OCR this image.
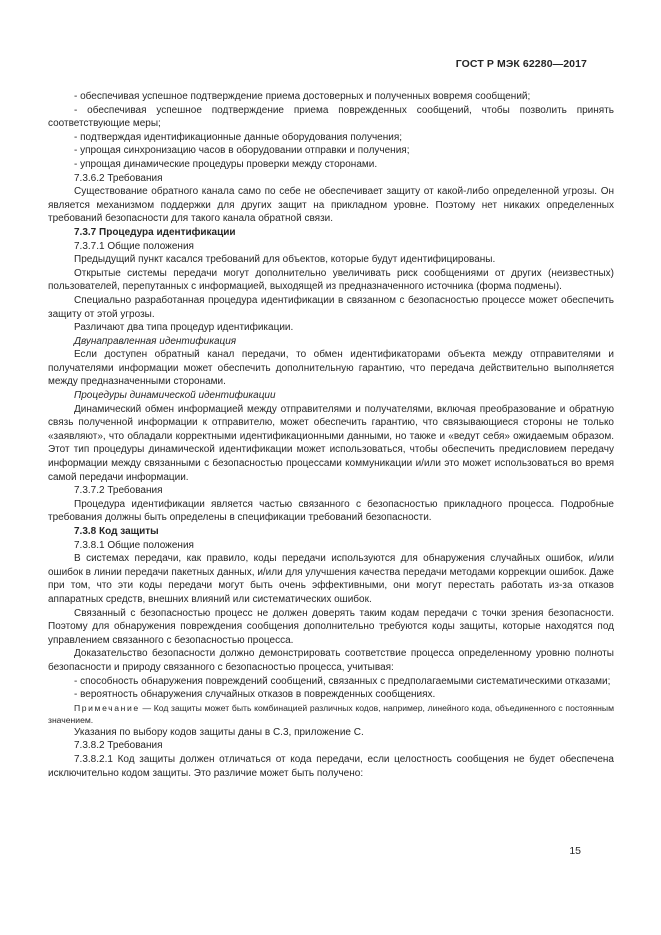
ГОСТ Р МЭК 62280—2017

- обеспечивая успешное подтверждение приема достоверных и полученных вовремя сообщений;

- обеспечивая успешное подтверждение приема поврежденных сообщений, чтобы позволить принять соответствующие меры;

- подтверждая идентификационные данные оборудования получения;

- упрощая синхронизацию часов в оборудовании отправки и получения;

- упрощая динамические процедуры проверки между сторонами.

7.3.6.2 Требования

Существование обратного канала само по себе не обеспечивает защиту от какой-либо определенной угрозы. Он является механизмом поддержки для других защит на прикладном уровне. Поэтому нет никаких определенных требований безопасности для такого канала обратной связи.

7.3.7 Процедура идентификации

7.3.7.1 Общие положения

Предыдущий пункт касался требований для объектов, которые будут идентифицированы.

Открытые системы передачи могут дополнительно увеличивать риск сообщениями от других (неизвестных) пользователей, перепутанных с информацией, выходящей из предназначенного источника (форма подмены).

Специально разработанная процедура идентификации в связанном с безопасностью процессе может обеспечить защиту от этой угрозы.

Различают два типа процедур идентификации.

Двунаправленная идентификация

Если доступен обратный канал передачи, то обмен идентификаторами объекта между отправителями и получателями информации может обеспечить дополнительную гарантию, что передача действительно выполняется между предназначенными сторонами.

Процедуры динамической идентификации

Динамический обмен информацией между отправителями и получателями, включая преобразование и обратную связь полученной информации к отправителю, может обеспечить гарантию, что связывающиеся стороны не только «заявляют», что обладали корректными идентификационными данными, но также и «ведут себя» ожидаемым образом. Этот тип процедуры динамической идентификации может использоваться, чтобы обеспечить предисловием передачу информации между связанными с безопасностью процессами коммуникации и/или это может использоваться во время самой передачи информации.

7.3.7.2 Требования

Процедура идентификации является частью связанного с безопасностью прикладного процесса. Подробные требования должны быть определены в спецификации требований безопасности.

7.3.8 Код защиты

7.3.8.1 Общие положения

В системах передачи, как правило, коды передачи используются для обнаружения случайных ошибок, и/или ошибок в линии передачи пакетных данных, и/или для улучшения качества передачи методами коррекции ошибок. Даже при том, что эти коды передачи могут быть очень эффективными, они могут перестать работать из-за отказов аппаратных средств, внешних влияний или систематических ошибок.

Связанный с безопасностью процесс не должен доверять таким кодам передачи с точки зрения безопасности. Поэтому для обнаружения повреждения сообщения дополнительно требуются коды защиты, которые находятся под управлением связанного с безопасностью процесса.

Доказательство безопасности должно демонстрировать соответствие процесса определенному уровню полноты безопасности и природу связанного с безопасностью процесса, учитывая:

- способность обнаружения повреждений сообщений, связанных с предполагаемыми систематическими отказами;

- вероятность обнаружения случайных отказов в поврежденных сообщениях.

Примечание — Код защиты может быть комбинацией различных кодов, например, линейного кода, объединенного с постоянным значением.

Указания по выбору кодов защиты даны в С.3, приложение С.

7.3.8.2 Требования

7.3.8.2.1 Код защиты должен отличаться от кода передачи, если целостность сообщения не будет обеспечена исключительно кодом защиты. Это различие может быть получено:

15
